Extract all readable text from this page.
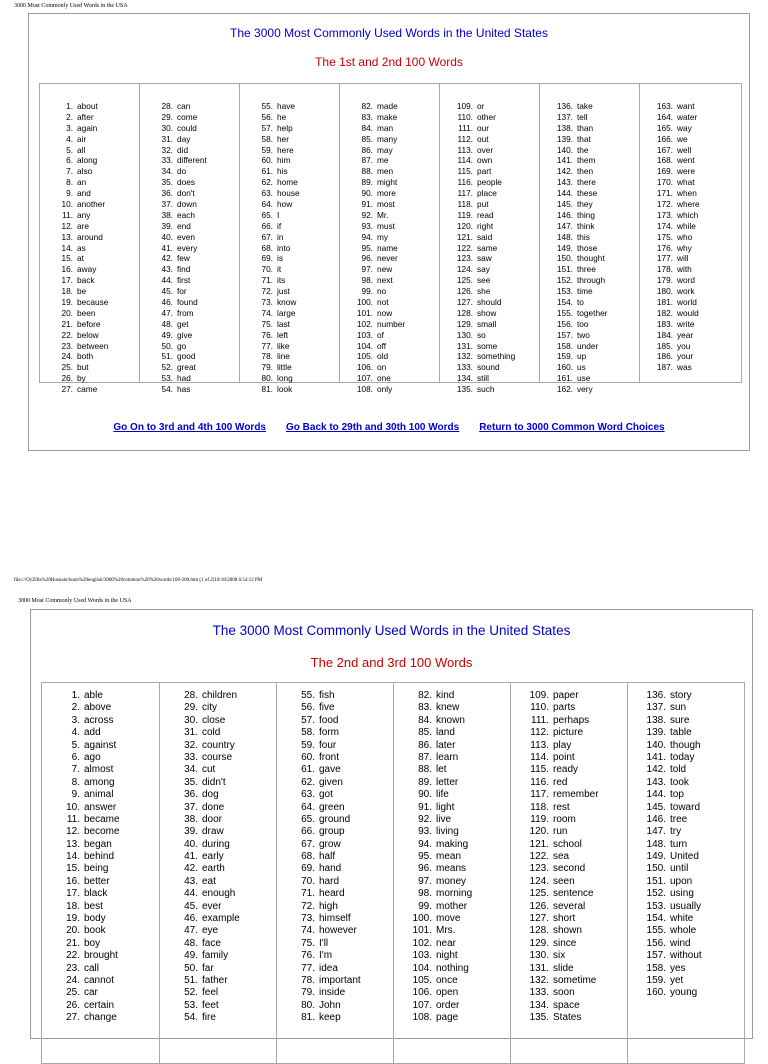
3000 Most Commonly Used Words in the USA
The 3000 Most Commonly Used Words in the United States
The 1st and 2nd 100 Words
1. about
2. after
3. again
4. air
5. all
6. along
7. also
8. an
9. and
10. another
11. any
12. are
13. around
14. as
15. at
16. away
17. back
18. be
19. because
20. been
21. before
22. below
23. between
24. both
25. but
26. by
27. came

28. can
29. come
30. could
31. day
32. did
33. different
34. do
35. does
36. don't
37. down
38. each
39. end
40. even
41. every
42. few
43. find
44. first
45. for
46. found
47. from
48. get
49. give
50. go
51. good
52. great
53. had
54. has

55. have
56. he
57. help
58. her
59. here
60. him
61. his
62. home
63. house
64. how
65. I
66. if
67. in
68. into
69. is
70. it
71. its
72. just
73. know
74. large
75. last
76. left
77. like
78. line
79. little
80. long
81. look

82. made
83. make
84. man
85. many
86. may
87. me
88. men
89. might
90. more
91. most
92. Mr.
93. must
94. my
95. name
96. never
97. new
98. next
99. no
100. not
101. now
102. number
103. of
104. off
105. old
106. on
107. one
108. only

109. or
110. other
111. our
112. out
113. over
114. own
115. part
116. people
117. place
118. put
119. read
120. right
121. said
122. same
123. saw
124. say
125. see
126. she
127. should
128. show
129. small
130. so
131. some
132. something
133. sound
134. still
135. such

136. take
137. tell
138. than
139. that
140. the
141. them
142. then
143. there
144. these
145. they
146. thing
147. think
148. this
149. those
150. thought
151. three
152. through
153. time
154. to
155. together
156. too
157. two
158. under
159. up
160. us
161. use
162. very

163. want
164. water
165. way
166. we
167. well
168. went
169. were
170. what
171. when
172. where
173. which
174. while
175. who
176. why
177. will
178. with
179. word
180. work
181. world
182. would
183. write
184. year
185. you
186. your
187. was
Go On to 3rd and 4th 100 Words Go Back to 29th and 30th 100 Words Return to 3000 Common Word Choices
file:///O|/Zille%20Husnain/learn%20english/3000%20common%20%20words/100-200.htm (1 of 2)10/18/2008 6:54:12 PM
3000 Most Commonly Used Words in the USA
The 3000 Most Commonly Used Words in the United States
The 2nd and 3rd 100 Words
1. able
2. above
3. across
4. add
5. against
6. ago
7. almost
8. among
9. animal
10. answer
11. became
12. become
13. began
14. behind
15. being
16. better
17. black
18. best
19. body
20. book
21. boy
22. brought
23. call
24. cannot
25. car
26. certain
27. change

28. children
29. city
30. close
31. cold
32. country
33. course
34. cut
35. didn't
36. dog
37. done
38. door
39. draw
40. during
41. early
42. earth
43. eat
44. enough
45. ever
46. example
47. eye
48. face
49. family
50. far
51. father
52. feel
53. feet
54. fire

55. fish
56. five
57. food
58. form
59. four
60. front
61. gave
62. given
63. got
64. green
65. ground
66. group
67. grow
68. half
69. hand
70. hard
71. heard
72. high
73. himself
74. however
75. I'll
76. I'm
77. idea
78. important
79. inside
80. John
81. keep

82. kind
83. knew
84. known
85. land
86. later
87. learn
88. let
89. letter
90. life
91. light
92. live
93. living
94. making
95. mean
96. means
97. money
98. morning
99. mother
100. move
101. Mrs.
102. near
103. night
104. nothing
105. once
106. open
107. order
108. page

109. paper
110. parts
111. perhaps
112. picture
113. play
114. point
115. ready
116. red
117. remember
118. rest
119. room
120. run
121. school
122. sea
123. second
124. seen
125. sentence
126. several
127. short
128. shown
129. since
130. six
131. slide
132. sometime
133. soon
134. space
135. States

136. story
137. sun
138. sure
139. table
140. though
141. today
142. told
143. took
144. top
145. toward
146. tree
147. try
148. turn
149. United
150. until
151. upon
152. using
153. usually
154. white
155. whole
156. wind
157. without
158. yes
159. yet
160. young
